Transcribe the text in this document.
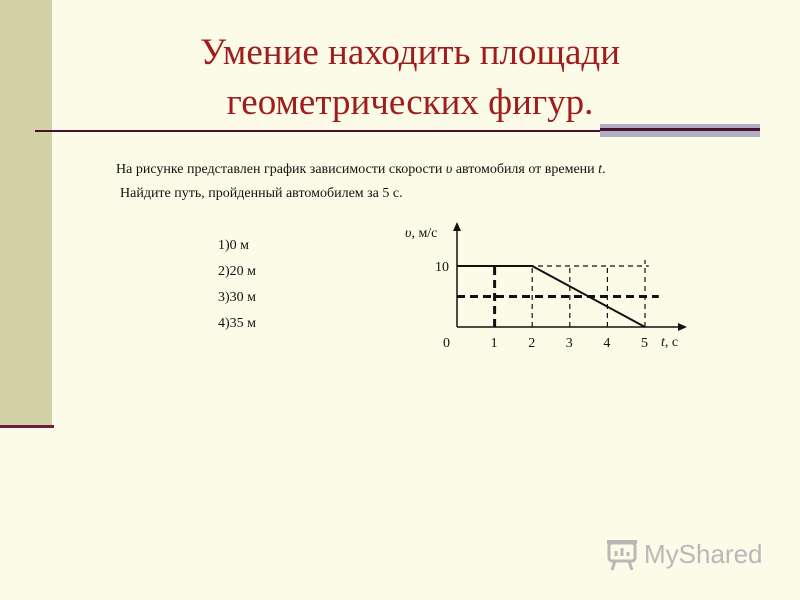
Умение находить площади
геометрических фигур.
На рисунке представлен график зависимости скорости υ автомобиля от времени t.
Найдите путь, пройденный автомобилем за 5 с.
1)0 м
2)20 м
3)30 м
4)35 м
0	1 2 3 4 5
10
υ, м/с
t, с
MyShared
